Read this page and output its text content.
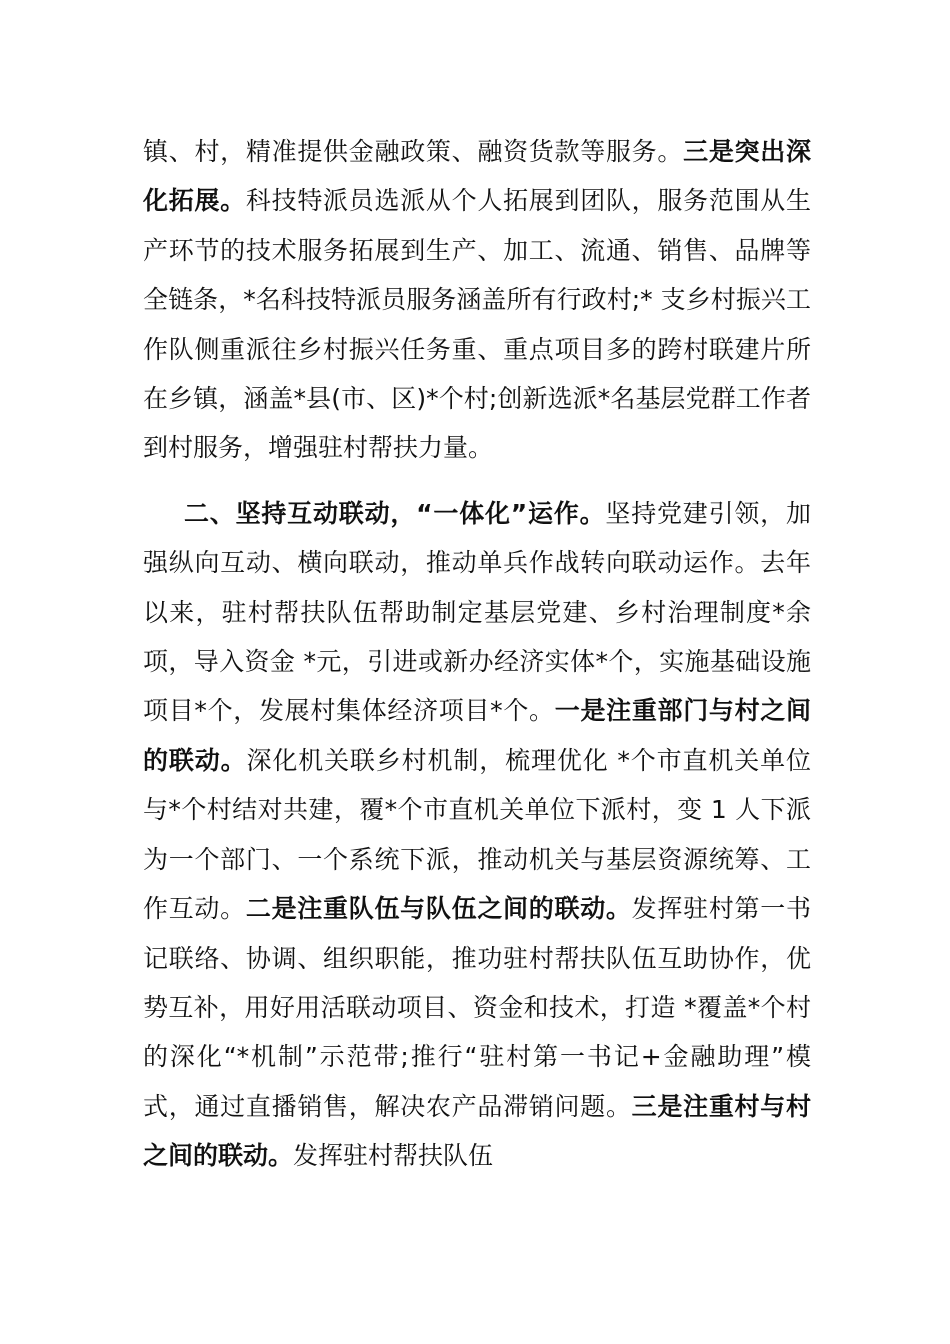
镇、村，精准提供金融政策、融资货款等服务。三是突出深化拓展。科技特派员选派从个人拓展到团队，服务范围从生产环节的技术服务拓展到生产、加工、流通、销售、品牌等全链条，*名科技特派员服务涵盖所有行政村;* 支乡村振兴工作队侧重派往乡村振兴任务重、重点项目多的跨村联建片所在乡镇，涵盖*县(市、区)*个村;创新选派*名基层党群工作者到村服务，增强驻村帮扶力量。

二、坚持互动联动，“一体化”运作。坚持党建引领，加强纵向互动、横向联动，推动单兵作战转向联动运作。去年以来，驻村帮扶队伍帮助制定基层党建、乡村治理制度*余项，导入资金 *元，引进或新办经济实体*个，实施基础设施项目*个，发展村集体经济项目*个。一是注重部门与村之间的联动。深化机关联乡村机制，梳理优化 *个市直机关单位与*个村结对共建，覆*个市直机关单位下派村，变 1 人下派为一个部门、一个系统下派，推动机关与基层资源统筹、工作互动。二是注重队伍与队伍之间的联动。发挥驻村第一书记联络、协调、组织职能，推功驻村帮扶队伍互助协作，优势互补，用好用活联动项目、资金和技术，打造 *覆盖*个村的深化“*机制”示范带;推行“驻村第一书记+金融助理”模式，通过直播销售，解决农产品滞销问题。三是注重村与村之间的联动。发挥驻村帮扶队伍
